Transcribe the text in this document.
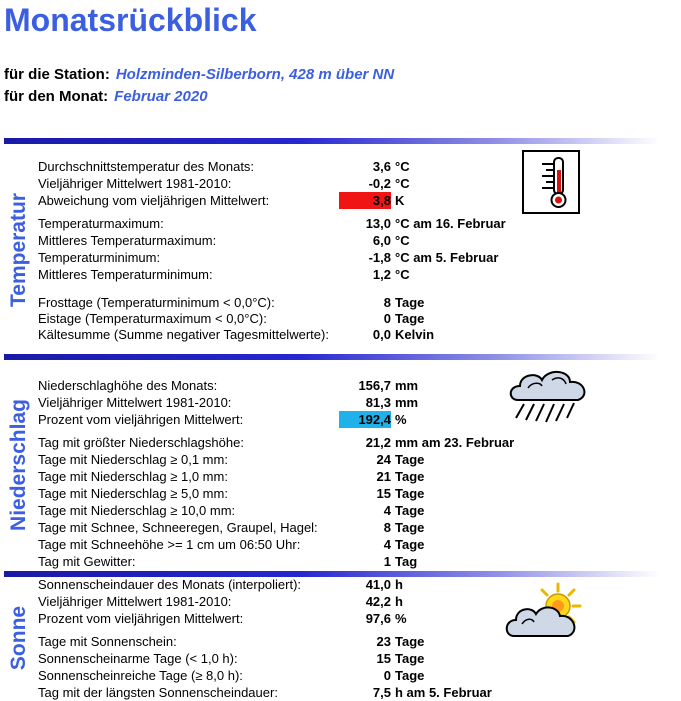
Monatsrückblick
für die Station: Holzminden-Silberborn, 428 m über NN
für den Monat: Februar 2020
Temperatur
Niederschlag
Sonne
Durchschnittstemperatur des Monats:	3,6 °C
Vieljähriger Mittelwert 1981-2010:	-0,2 °C
Abweichung vom vieljährigen Mittelwert:	3,8 K
Temperaturmaximum:	13,0 °C am 16. Februar
Mittleres Temperaturmaximum:	6,0 °C
Temperaturminimum:	-1,8 °C am 5. Februar
Mittleres Temperaturminimum:	1,2 °C
Frosttage (Temperaturminimum < 0,0°C):	8 Tage
Eistage (Temperaturmaximum < 0,0°C):	0 Tage
Kältesumme (Summe negativer Tagesmittelwerte):	0,0 Kelvin
Niederschlaghöhe des Monats:	156,7 mm
Vieljähriger Mittelwert 1981-2010:	81,3 mm
Prozent vom vieljährigen Mittelwert:	192,4 %
Tag mit größter Niederschlagshöhe:	21,2 mm am 23. Februar
Tage mit Niederschlag ≥ 0,1 mm:	24 Tage
Tage mit Niederschlag ≥ 1,0 mm:	21 Tage
Tage mit Niederschlag ≥ 5,0 mm:	15 Tage
Tage mit Niederschlag ≥ 10,0 mm:	4 Tage
Tage mit Schnee, Schneeregen, Graupel, Hagel:	8 Tage
Tage mit Schneehöhe >= 1 cm um 06:50 Uhr:	4 Tage
Tag mit Gewitter:	1 Tag
Sonnenscheindauer des Monats (interpoliert):	41,0 h
Vieljähriger Mittelwert 1981-2010:	42,2 h
Prozent vom vieljährigen Mittelwert:	97,6 %
Tage mit Sonnenschein:	23 Tage
Sonnenscheinarme Tage (< 1,0 h):	15 Tage
Sonnenscheinreiche Tage (≥ 8,0 h):	0 Tage
Tag mit der längsten Sonnenscheindauer:	7,5 h am 5. Februar
